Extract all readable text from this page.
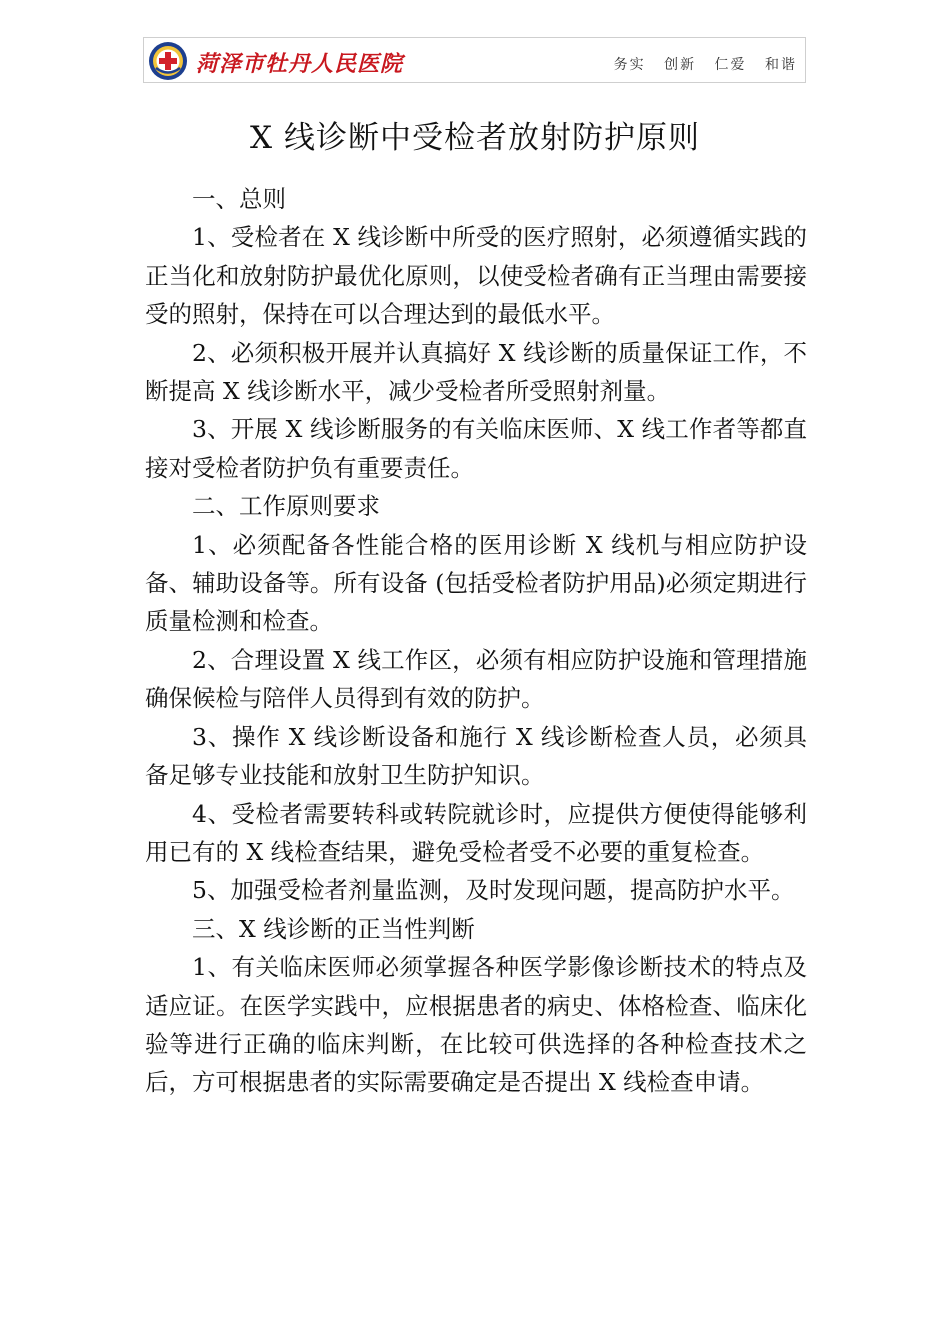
菏泽市牡丹人民医院	务实 创新 仁爱 和谐
X 线诊断中受检者放射防护原则

一、总则

1、受检者在 X 线诊断中所受的医疗照射，必须遵循实践的正当化和放射防护最优化原则，以使受检者确有正当理由需要接受的照射，保持在可以合理达到的最低水平。

2、必须积极开展并认真搞好 X 线诊断的质量保证工作，不断提高 X 线诊断水平，减少受检者所受照射剂量。

3、开展 X 线诊断服务的有关临床医师、X 线工作者等都直接对受检者防护负有重要责任。

二、工作原则要求

1、必须配备各性能合格的医用诊断 X 线机与相应防护设备、辅助设备等。所有设备 (包括受检者防护用品)必须定期进行质量检测和检查。

2、合理设置 X 线工作区，必须有相应防护设施和管理措施确保候检与陪伴人员得到有效的防护。

3、操作 X 线诊断设备和施行 X 线诊断检查人员，必须具备足够专业技能和放射卫生防护知识。

4、受检者需要转科或转院就诊时，应提供方便使得能够利用已有的 X 线检查结果，避免受检者受不必要的重复检查。

5、加强受检者剂量监测，及时发现问题，提高防护水平。

三、X 线诊断的正当性判断

1、有关临床医师必须掌握各种医学影像诊断技术的特点及适应证。在医学实践中，应根据患者的病史、体格检查、临床化验等进行正确的临床判断，在比较可供选择的各种检查技术之后，方可根据患者的实际需要确定是否提出 X 线检查申请。
